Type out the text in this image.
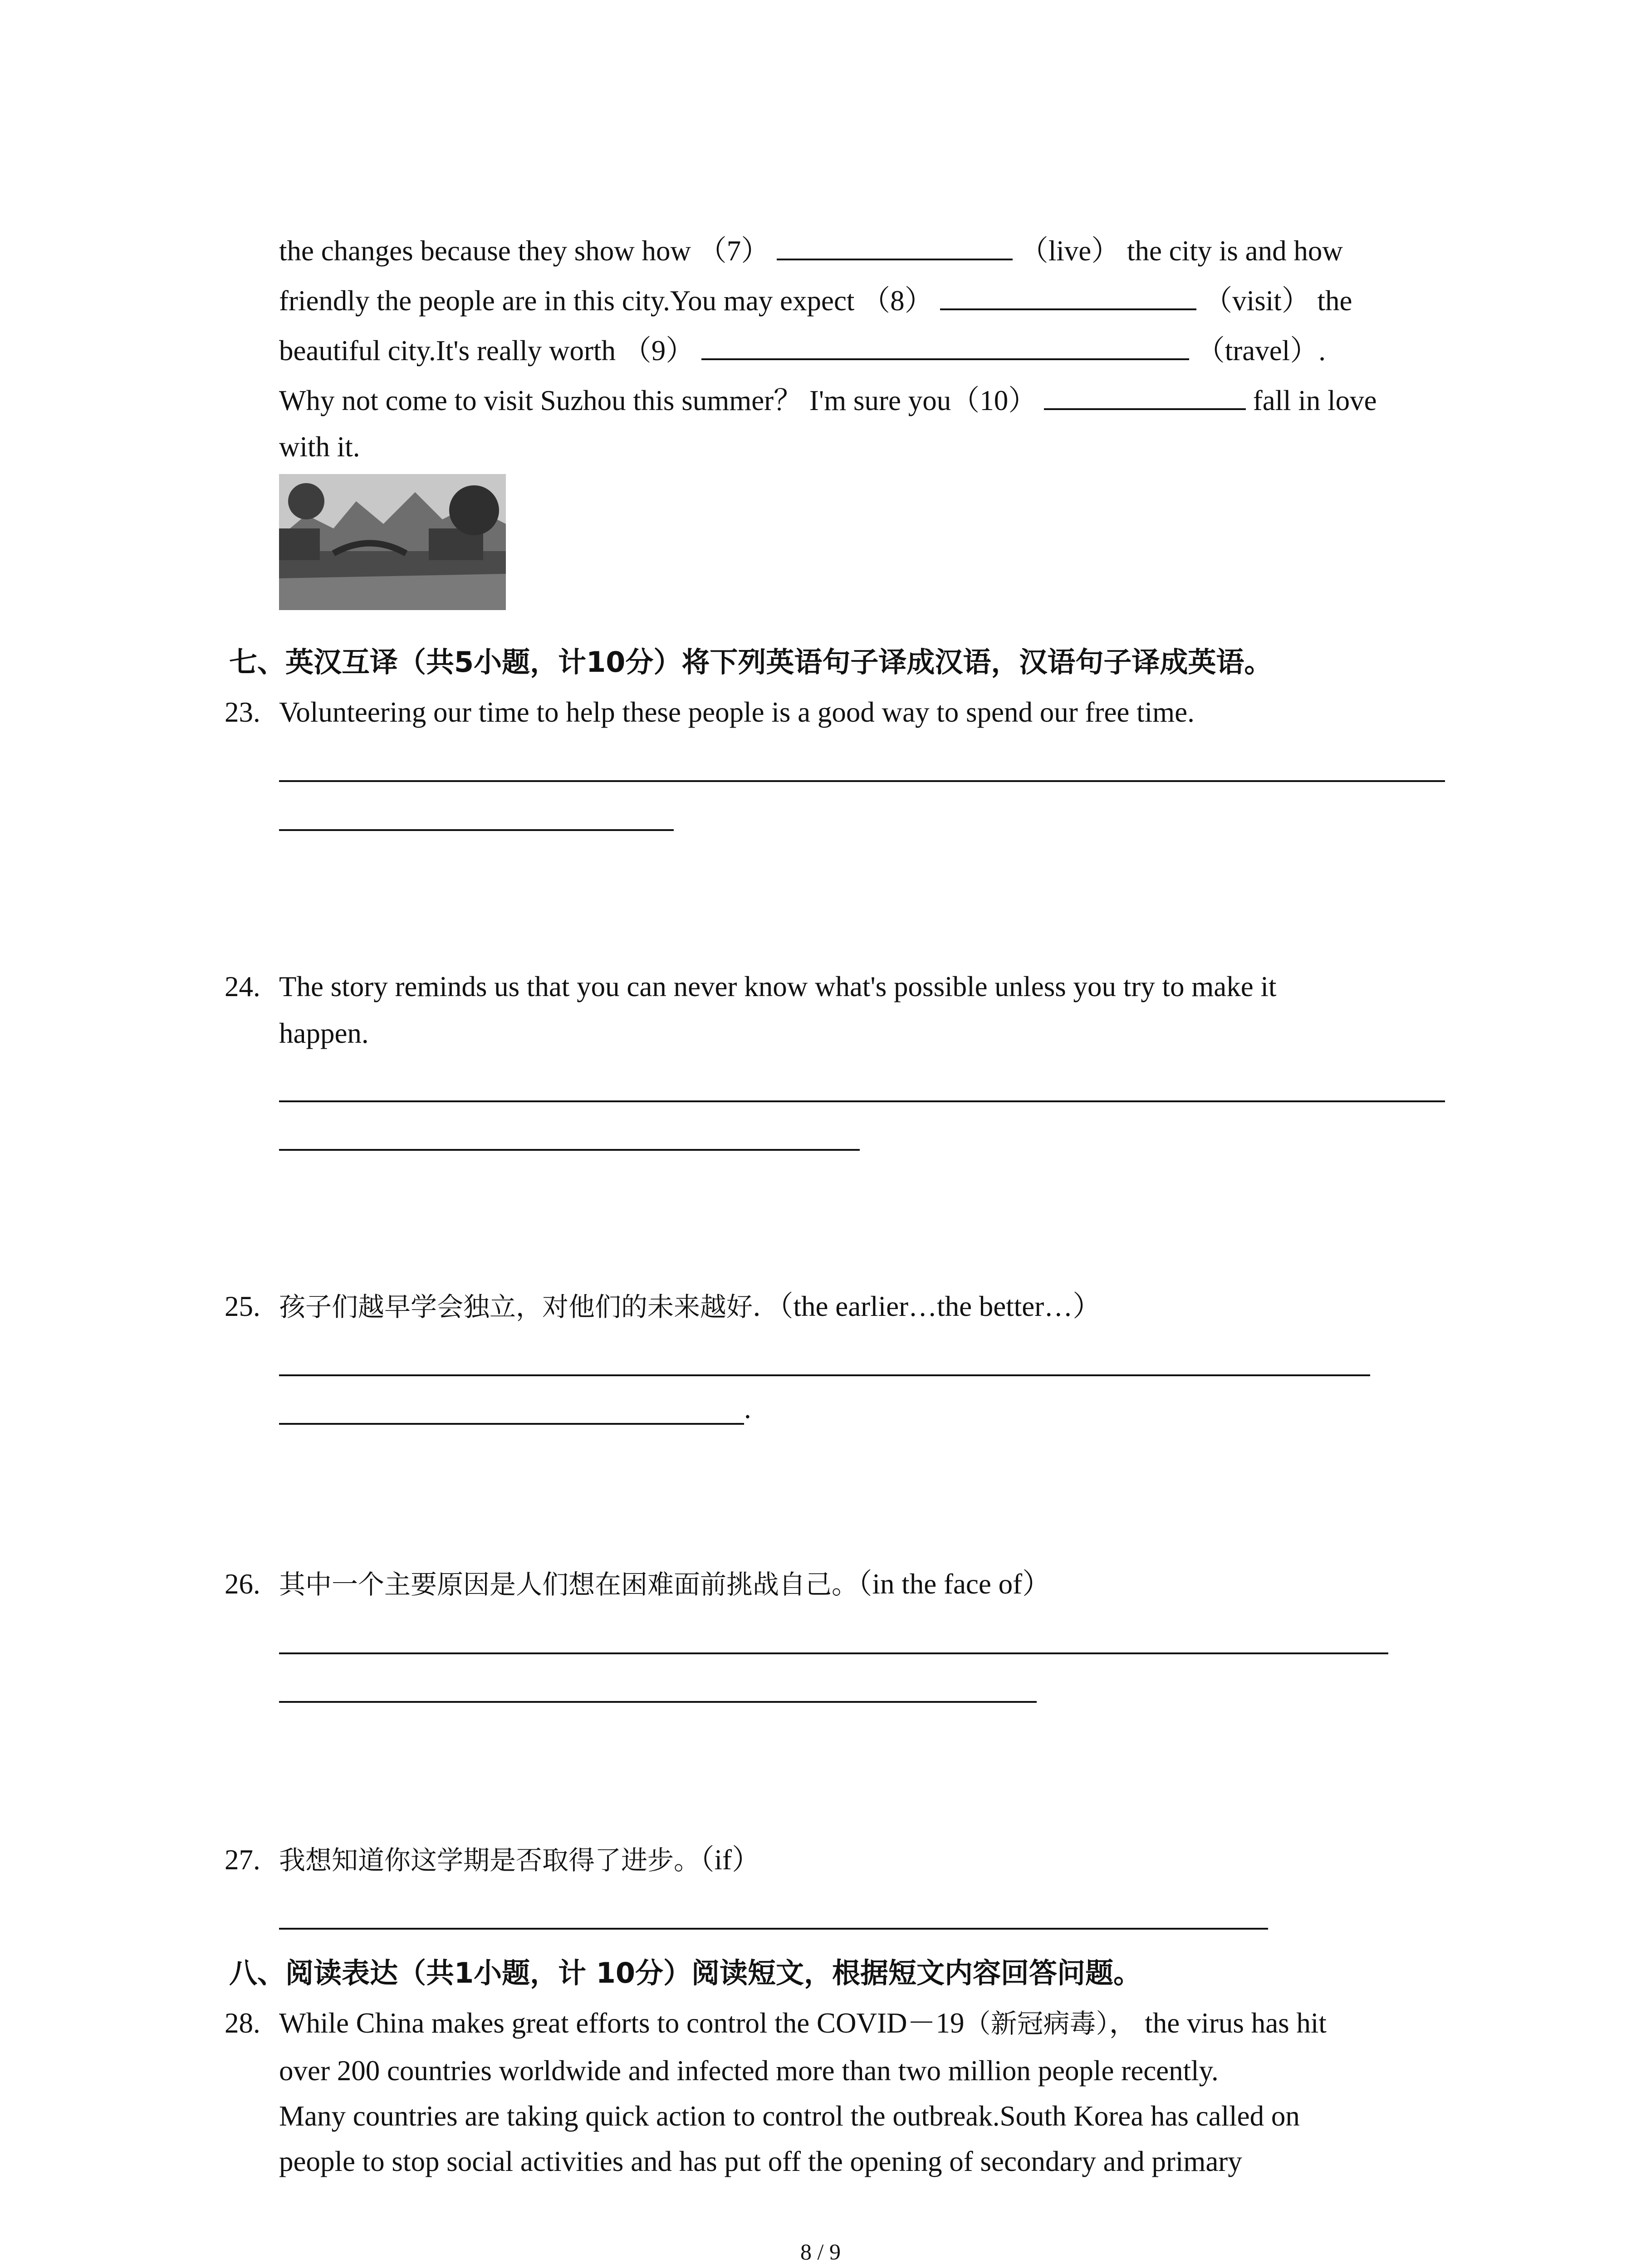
the changes because they show how （7）	（live） the city is and how
friendly the people are in this city.You may expect （8）	（visit） the
beautiful city.It's really worth （9）	（travel）.
Why not come to visit Suzhou this summer？ I'm sure you（10）	fall in love
with it.
七、英汉互译（共5小题，计10分）将下列英语句子译成汉语，汉语句子译成英语。
23. Volunteering our time to help these people is a good way to spend our free time.
24. The story reminds us that you can never know what's possible unless you try to make it
happen.
25. 孩子们越早学会独立，对他们的未来越好．（the earlier…the better…）
.
26. 其中一个主要原因是人们想在困难面前挑战自己。（in the face of）
27. 我想知道你这学期是否取得了进步。（if）
八、阅读表达（共1小题，计 10分）阅读短文，根据短文内容回答问题。
28. While China makes great efforts to control the COVID－19（新冠病毒）， the virus has hit
over 200 countries worldwide and infected more than two million people recently.
Many countries are taking quick action to control the outbreak.South Korea has called on
people to stop social activities and has put off the opening of secondary and primary
8 / 9
